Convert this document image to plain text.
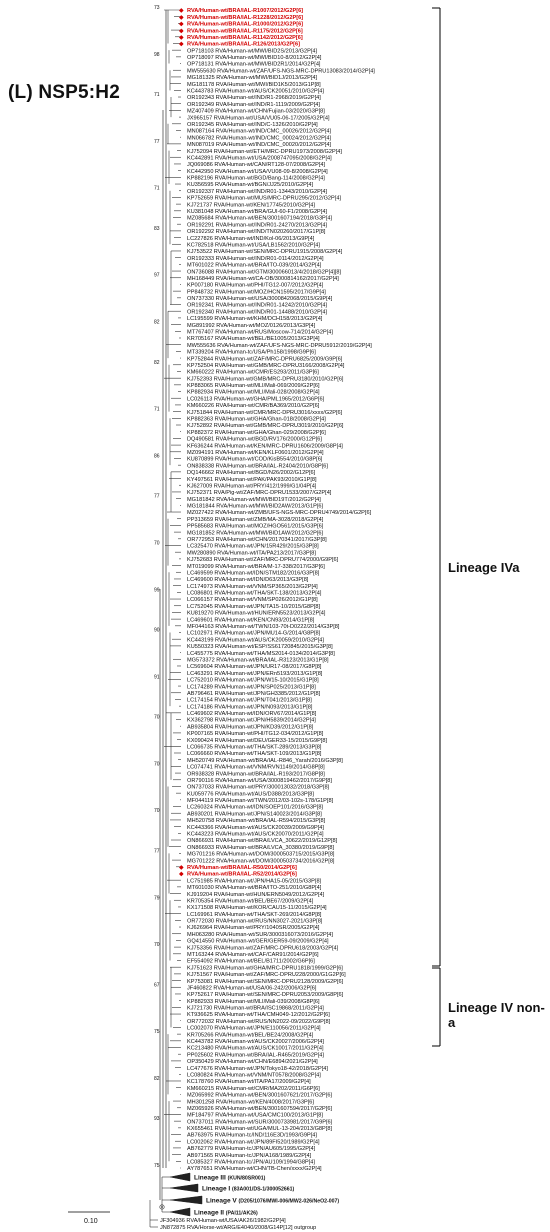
(L) NSP5:H2
◆ RVA/Human-wt/BRA/IAL-R1007/2012/G2P[6]
◆ RVA/Human-wt/BRA/IAL-R1228/2012/G2P[6]
◆ RVA/Human-wt/BRA/IAL-R1000/2012/G2P[6]
◆ RVA/Human-wt/BRA/IAL-R1175/2012/G2P[6]
◆ RVA/Human-wt/BRA/IAL-R1142/2012/G2P[6]
◆ RVA/Human-wt/BRA/IAL-R126/2013/G2P[6]
OP718103 RVA/Human-wt/MWI/BID2S/2013/G2P[4]
OP718097 RVA/Human-wt/MWI/BID10-8/2012/G2P[4]
OP718131 RVA/Human-wt/MWI/BID2R1/2014/G2P[4]
MW555630 RVA/Human-wt/ZAF/UFS-NGS-MRC-DPRU13083/2014/G2P[4]
MG181325 RVA/Human-wt/MWI/BID1J/2013/G2P[4]
MG181178 RVA/Human-wt/MWI/BID1K5/2013/G1P[8]
KC443783 RVA/Human-wt/AUS/CK20051/2010/G2P[4]
OR192343 RVA/Human-wt/IND/R1-2968/2019/G2P[4]
OR192349 RVA/Human-wt/IND/R1-1119/2009/G2P[4]
MZ407409 RVA/Human-wt/CHN/Fujian-03/2020/G3P[8]
JX965157 RVA/Human-wt/USA/VU05-06-17/2005/G2P[4]
OR192345 RVA/Human-wt/IND/C-1326/2010/G2P[4]
MN087164 RVA/Human-wt/IND/CMC_00026/2012/G2P[4]
MN066782 RVA/Human-wt/IND/CMC_00024/2012/G2P[4]
MN087019 RVA/Human-wt/IND/CMC_00020/2012/G2P[4]
KJ752094 RVA/Human-wt/ETH/MRC-DPRU1973/2008/G2P[4]
KC442891 RVA/Human-wt/USA/2008747095/2008/G2P[4]
JQ069086 RVA/Human-wt/CAN/RT128-07/2008/G2P[4]
KC442950 RVA/Human-wt/USA/VU08-09-8/2008/G2P[4]
KP882196 RVA/Human-wt/BGD/Bang-114/2008/G2P[4]
KU356595 RVA/Human-wt/BGN/JJ25/2010/G2P[4]
OR192337 RVA/Human-wt/IND/R01-13443/2010/G2P[4]
KP752659 RVA/Human-wt/MUS/MRC-DPRU295/2012/G2P[4]
KJ721737 RVA/Human-wt/KEN/17745/2010/G2P[4]
KU381048 RVA/Human-wt/BRA/GUI-60-F1/2008/G2P[4]
MZ085684 RVA/Human-wt/BEN/3001607194/2018/G3P[4]
OR192291 RVA/Human-wt/IND/R01-24270/2013/G2P[4]
OR192292 RVA/Human-wt/IND/TN020260/2017/G1P[8]
LC227826 RVA/Human-wt/IND/Kol-06/2013/G9P[4]
KC782518 RVA/Human-wt/USA/LB1562/2010/G2P[4]
KJ753522 RVA/Human-wt/SEN/MRC-DPRU1915/2008/G2P[4]
OR192333 RVA/Human-wt/IND/R01-0114/2012/G2P[4]
MT601022 RVA/Human-wt/BRA/ITO-039/2014/G2P[4]
ON736088 RVA/Human-wt/GTM/300066013/4/2018/G2P[4][8]
MH168449 RVA/Human-wt/CA-OB/3000814162/2017/G2P[4]
KP007180 RVA/Human-wt/PHI/TG12-007/2012/G2P[4]
PP848732 RVA/Human-wt/MOZ/HCN1595/2017/G9P[4]
ON737330 RVA/Human-wt/USA/3000842068/2015/G9P[4]
OR192341 RVA/Human-wt/IND/R01-14242/2010/G2P[4]
OR192340 RVA/Human-wt/IND/R01-14488/2010/G2P[4]
LC195599 RVA/Human-wt/KHM/DCH158/2013/G2P[4]
MG891992 RVA/Human-wt/MOZ/0126/2013/G3P[4]
MT767407 RVA/Human-wt/RUS/Moscow-714/2014/G2P[4]
KR705167 RVA/Human-wt/BEL/BE1005/2013/G3P[4]
MW555636 RVA/Human-wt/ZAF/UFS-NGS-MRC-DPRU5912/2019/G2P[4]
MT339204 RVA/Human-tc/USA/Ph158/1998/G9P[6]
KP752844 RVA/Human-wt/ZAF/MRC-DPRU6825/2009/G9P[6]
KP752504 RVA/Human-wt/GMB/MRC-DPRU3166/2008/G2P[4]
KM660222 RVA/Human-wt/CMR/ES293/2011/G3P[6]
KJ752393 RVA/Human-wt/GMB/MRC-DPRU3180/2010/G2P[6]
KP883065 RVA/Human-wt/MLI/Mali-069/2009/G2P[6]
KP882934 RVA/Human-wt/MLI/Mali-028/2008/G2P[4]
LC026113 RVA/Human-wt/GHA/PML1965/2012/G6P[6]
KM660226 RVA/Human-wt/CMR/BA369/2010/G2P[6]
KJ751844 RVA/Human-wt/CMR/MRC-DPRU3016/xxxx/G2P[6]
KP882363 RVA/Human-wt/GHA/Ghan-018/2008/G2P[4]
KJ752892 RVA/Human-wt/GMB/MRC-DPRU3019/2010/G2P[6]
KP882372 RVA/Human-wt/GHA/Ghan-029/2008/G2P[6]
DQ490581 RVA/Human-wt/BGD/RV176/2000/G12P[6]
KF636244 RVA/Human-wt/KEN/MRC-DPRU1606/2009/G8P[4]
MZ094191 RVA/Human-wt/KEN/KLF0601/2012/G2P[4]
KU870899 RVA/Human-wt/COD/KisB554/2010/G8P[6]
ON838338 RVA/Human-wt/BRA/IAL-R2404/2010/G8P[6]
DQ146662 RVA/Human-wt/BGD/N26/2002/G12P[6]
KY497561 RVA/Human-wt/PAK/PAK93/2010/G1P[8]
KJ627009 RVA/Human-wt/PRY/412/1999/G1/04P[4]
KJ752371 RVA/Pig-wt/ZAF/MRC-DPRU1533/2007/G2P[4]
MG181842 RVA/Human-wt/MWI/BID19T/2012/G2P[4]
MG181844 RVA/Human-wt/MWI/BID2AW/2013/G1P[6]
MZ027422 RVA/Human-wt/ZMB/UFS-NGS-MRC-DPRU4749/2014/G2P[6]
PP313659 RVA/Human-wt/ZMB/MA-3028/2018/G2P[4]
PP585683 RVA/Human-wt/MOZ/HGO561/2015/G3P[6]
MG181852 RVA/Human-wt/MWI/BID1AW/2012/G2P[6]
OR772953 RVA/Human-wt/CHN/20170341/2017/G3P[8]
LC325470 RVA/Human-wt/JPN/15R429/2015/G3P[8]
MW280890 RVA/Human-wt/ITA/PA213/2017/G3P[8]
KJ752683 RVA/Human-wt/ZAF/MRC-DPRU774/2000/G9P[6]
MT019099 RVA/Human-wt/BRA/M-17-338/2017/G3P[6]
LC469599 RVA/Human-wt/IDN/STM182/2016/G3P[8]
LC469600 RVA/Human-wt/IDN/D63/2013/G3P[8]
LC174973 RVA/Human-wt/VNM/SP365/2013/G2P[4]
LC086801 RVA/Human-wt/THA/SKT-138/2013/G2P[4]
LC066157 RVA/Human-wt/VNM/SP026/2012/G1P[8]
LC752045 RVA/Human-wt/JPN/TA15-10/2015/G8P[8]
KU819270 RVA/Human-wt/HUN/ERN5523/2013/G2P[4]
LC469601 RVA/Human-wt/KEN/CN93/2014/G1P[8]
MF044163 RVA/Human-wt/TWN/103-70t-D0222/2014/G3P[8]
LC102971 RVA/Human-wt/JPN/MU14-G/2014/G8P[8]
KC443199 RVA/Human-wt/AUS/CK20059/2010/G2P[4]
KU550323 RVA/Human-wt/ESP/SS61720845/2015/G3P[8]
LC455775 RVA/Human-wt/THA/MS2014-0134/2014/G3P[8]
MG573372 RVA/Human-wt/BRA/IAL-R3123/2013/G1P[8]
LC569604 RVA/Human-wt/JPN/UR17-08/2017/G8P[8]
LC463291 RVA/Human-wt/JPN/ERn5193/2013/G1P[8]
LC752010 RVA/Human-wt/JPN/W15-10/2015/G1P[8]
LC174289 RVA/Human-wt/JPN/SP025/2013/G1P[8]
AB796461 RVA/Human-wt/JPN/GH3385/2012/G1P[8]
LC174154 RVA/Human-wt/JPN/T041/2013/G1P[8]
LC174186 RVA/Human-wt/JPN/N093/2013/G1P[8]
LC469602 RVA/Human-wt/IDN/ORV67/2014/G1P[8]
KX362798 RVA/Human-wt/JPN/H5839/2014/G2P[4]
AB935804 RVA/Human-wt/JPN/KD39/2012/G1P[8]
KP007165 RVA/Human-wt/PHI/TG12-034/2012/G1P[8]
KX090424 RVA/Human-wt/DEU/GER33-15/2015/G9P[8]
LC066735 RVA/Human-wt/THA/SKT-289/2013/G3P[8]
LC066660 RVA/Human-wt/THA/SKT-109/2013/G1P[8]
MH520749 RVA/Human-wt/BRA/IAL-R846_Yarah/2016/G3P[8]
LC074741 RVA/Human-wt/VNM/RVN1149/2014/G8P[8]
OR938328 RVA/Human-wt/BRA/IAL-R193/2017/G8P[8]
OR790116 RVA/Human-wt/USA/3000819462/2017/G9P[8]
ON737033 RVA/Human-wt/PRY/300013032/2018/G3P[8]
KU059776 RVA/Human-wt/AUS/D388/2013/G3P[8]
MF044119 RVA/Human-wt/TWN/2012/03-102s-178/G1P[8]
LC260324 RVA/Human-wt/IDN/SOEP101/2016/G3P[8]
AB930201 RVA/Human-wt/JPN/S140023/2014/G3P[8]
MH520758 RVA/Human-wt/BRA/IAL-R594/2015/G3P[8]
KC443366 RVA/Human-wt/AUS/CK20039/2009/G9P[4]
KC443223 RVA/Human-wt/AUS/CK20070/2011/G2P[4]
ON866931 RVA/Human-wt/BRA/LVCA_30622/2019/G12P[8]
ON866933 RVA/Human-wt/BRA/LVCA_30380/2019/G9P[8]
MG701216 RVA/Human-wt/DOM/3000503715/2015/G3P[8]
MG701222 RVA/Human-wt/DOM/3000503734/2016/G2P[8]
◆ RVA/Human-wt/BRA/IAL-R50/2014/G2P[6]
◆ RVA/Human-wt/BRA/IAL-R52/2014/G2P[6]
LC751985 RVA/Human-wt/JPN/HA15-05/2015/G3P[8]
MT601030 RVA/Human-wt/BRA/ITO-251/2010/G8P[4]
KJ919204 RVA/Human-wt/HUN/ERN5049/2012/G2P[4]
KR705354 RVA/Human-wt/BEL/BE67/2009/G2P[4]
KX171508 RVA/Human-wt/KOR/CAU15-11/2015/G2P[4]
LC169961 RVA/Human-wt/THA/SKT-269/2014/G8P[8]
OR772030 RVA/Human-wt/RUS/NN3027-2021/G3P[8]
KJ626964 RVA/Human-wt/PRY/1040SR/2005/G2P[4]
MH063280 RVA/Human-wt/SUR/3000316073/2016/G2P[4]
GQ414550 RVA/Human-wt/GER/GER59-09/2009/G2P[4]
KJ753356 RVA/Human-wt/ZAF/MRC-DPRU618/2003/G2P[4]
MT163244 RVA/Human-wt/CAF/CAR91/2014/G2P[6]
EF554092 RVA/Human-wt/BEL/B1711/2002/G6P[6]
KJ751623 RVA/Human-wt/GHA/MRC-DPRU1818/1999/G2P[6]
KJ751567 RVA/Human-wt/ZAF/MRC-DPRU228/2000/G1G2P[6]
KP753081 RVA/Human-wt/SEN/MRC-DPRU2128/2009/G2P[6]
JF460822 RVA/Human-wt/USA/06-242/2006/G2P[6]
KP752617 RVA/Human-wt/SEN/MRC-DPRU2053/2009/G8P[6]
KP882933 RVA/Human-wt/MLI/Mali-039/2008/G8P[6]
KJ721730 RVA/Human-wt/BRA/ISC19868/2011/G2P[4]
KT936625 RVA/Human-wt/THA/CMH049-12/2012/G2P[6]
OR772032 RVA/Human-wt/RUS/NN2022-09/2022/G9P[8]
LC002070 RVA/Human-wt/JPN/E110056/2011/G2P[4]
KR705266 RVA/Human-wt/BEL/BE24/2008/G2P[4]
KC443782 RVA/Human-wt/AUS/CK20027/2006/G2P[4]
KC213480 RVA/Human-wt/AUS/CK10017/2011/G2P[4]
PP025602 RVA/Human-wt/BRA/IAL-R465/2019/G2P[4]
OP350429 RVA/Human-wt/CHN/E6894/2021/G2P[4]
LC477676 RVA/Human-wt/JPN/Tokyo18-42/2018/G2P[4]
LC080824 RVA/Human-wt/VNM/NT0578/2008/G2P[4]
KC178760 RVA/Human-wt/ITA/PA17/2009/G2P[4]
KM660215 RVA/Human-wt/CMR/MA202/2011/G6P[6]
MZ065992 RVA/Human-wt/BEN/3001607621/2017/G2P[6]
MH301258 RVA/Human-wt/KEN/4008/2017/G3P[6]
MZ065926 RVA/Human-wt/BEN/3001607594/2017/G2P[6]
MF184797 RVA/Human-wt/USA/CMC100/2013/G1P[8]
ON737011 RVA/Human-wt/SUR/3000733981/2017/G9P[6]
KX655461 RVA/Human-wt/UGA/MUL-13-204/2013/G8P[8]
AB763975 RVA/Human-tc/IND/116E3D/1993/G9P[4]
LC002062 RVA/Human-wt/JPN/89FI520/1989/G2P[4]
AB762779 RVA/Human-tc/JPN/AU605/1995/G2P[4]
AB971565 RVA/Human-tc/JPN/A168/1989/G2P[4]
LC085327 RVA/Human-tc/JPN/AU109/1994/G8P[4]
AY787651 RVA/Human-wt/CHN/TB-Chen/xxxx/G2P[4]
73
98
71
77
71
83
97
82
82
71
86
77
70
99
90
91
70
70
70
77
79
70
67
75
82
93
75
Lineage III (KUN/80SR001)
Lineage I (83A001/DS-1/300052661)
Lineage V (D205/1076/MWI-006/MW2-026/NeO2-007)
Lineage II (PAI11/AK26)
JF304936 RVA/Human-wt/USA/AK26/1982/G2P[4]
JN872875 RVA/Horse-wt/ARG/E4040/2008/G14P[12] outgroup
Lineage IVa
Lineage IV non-a
0.10
